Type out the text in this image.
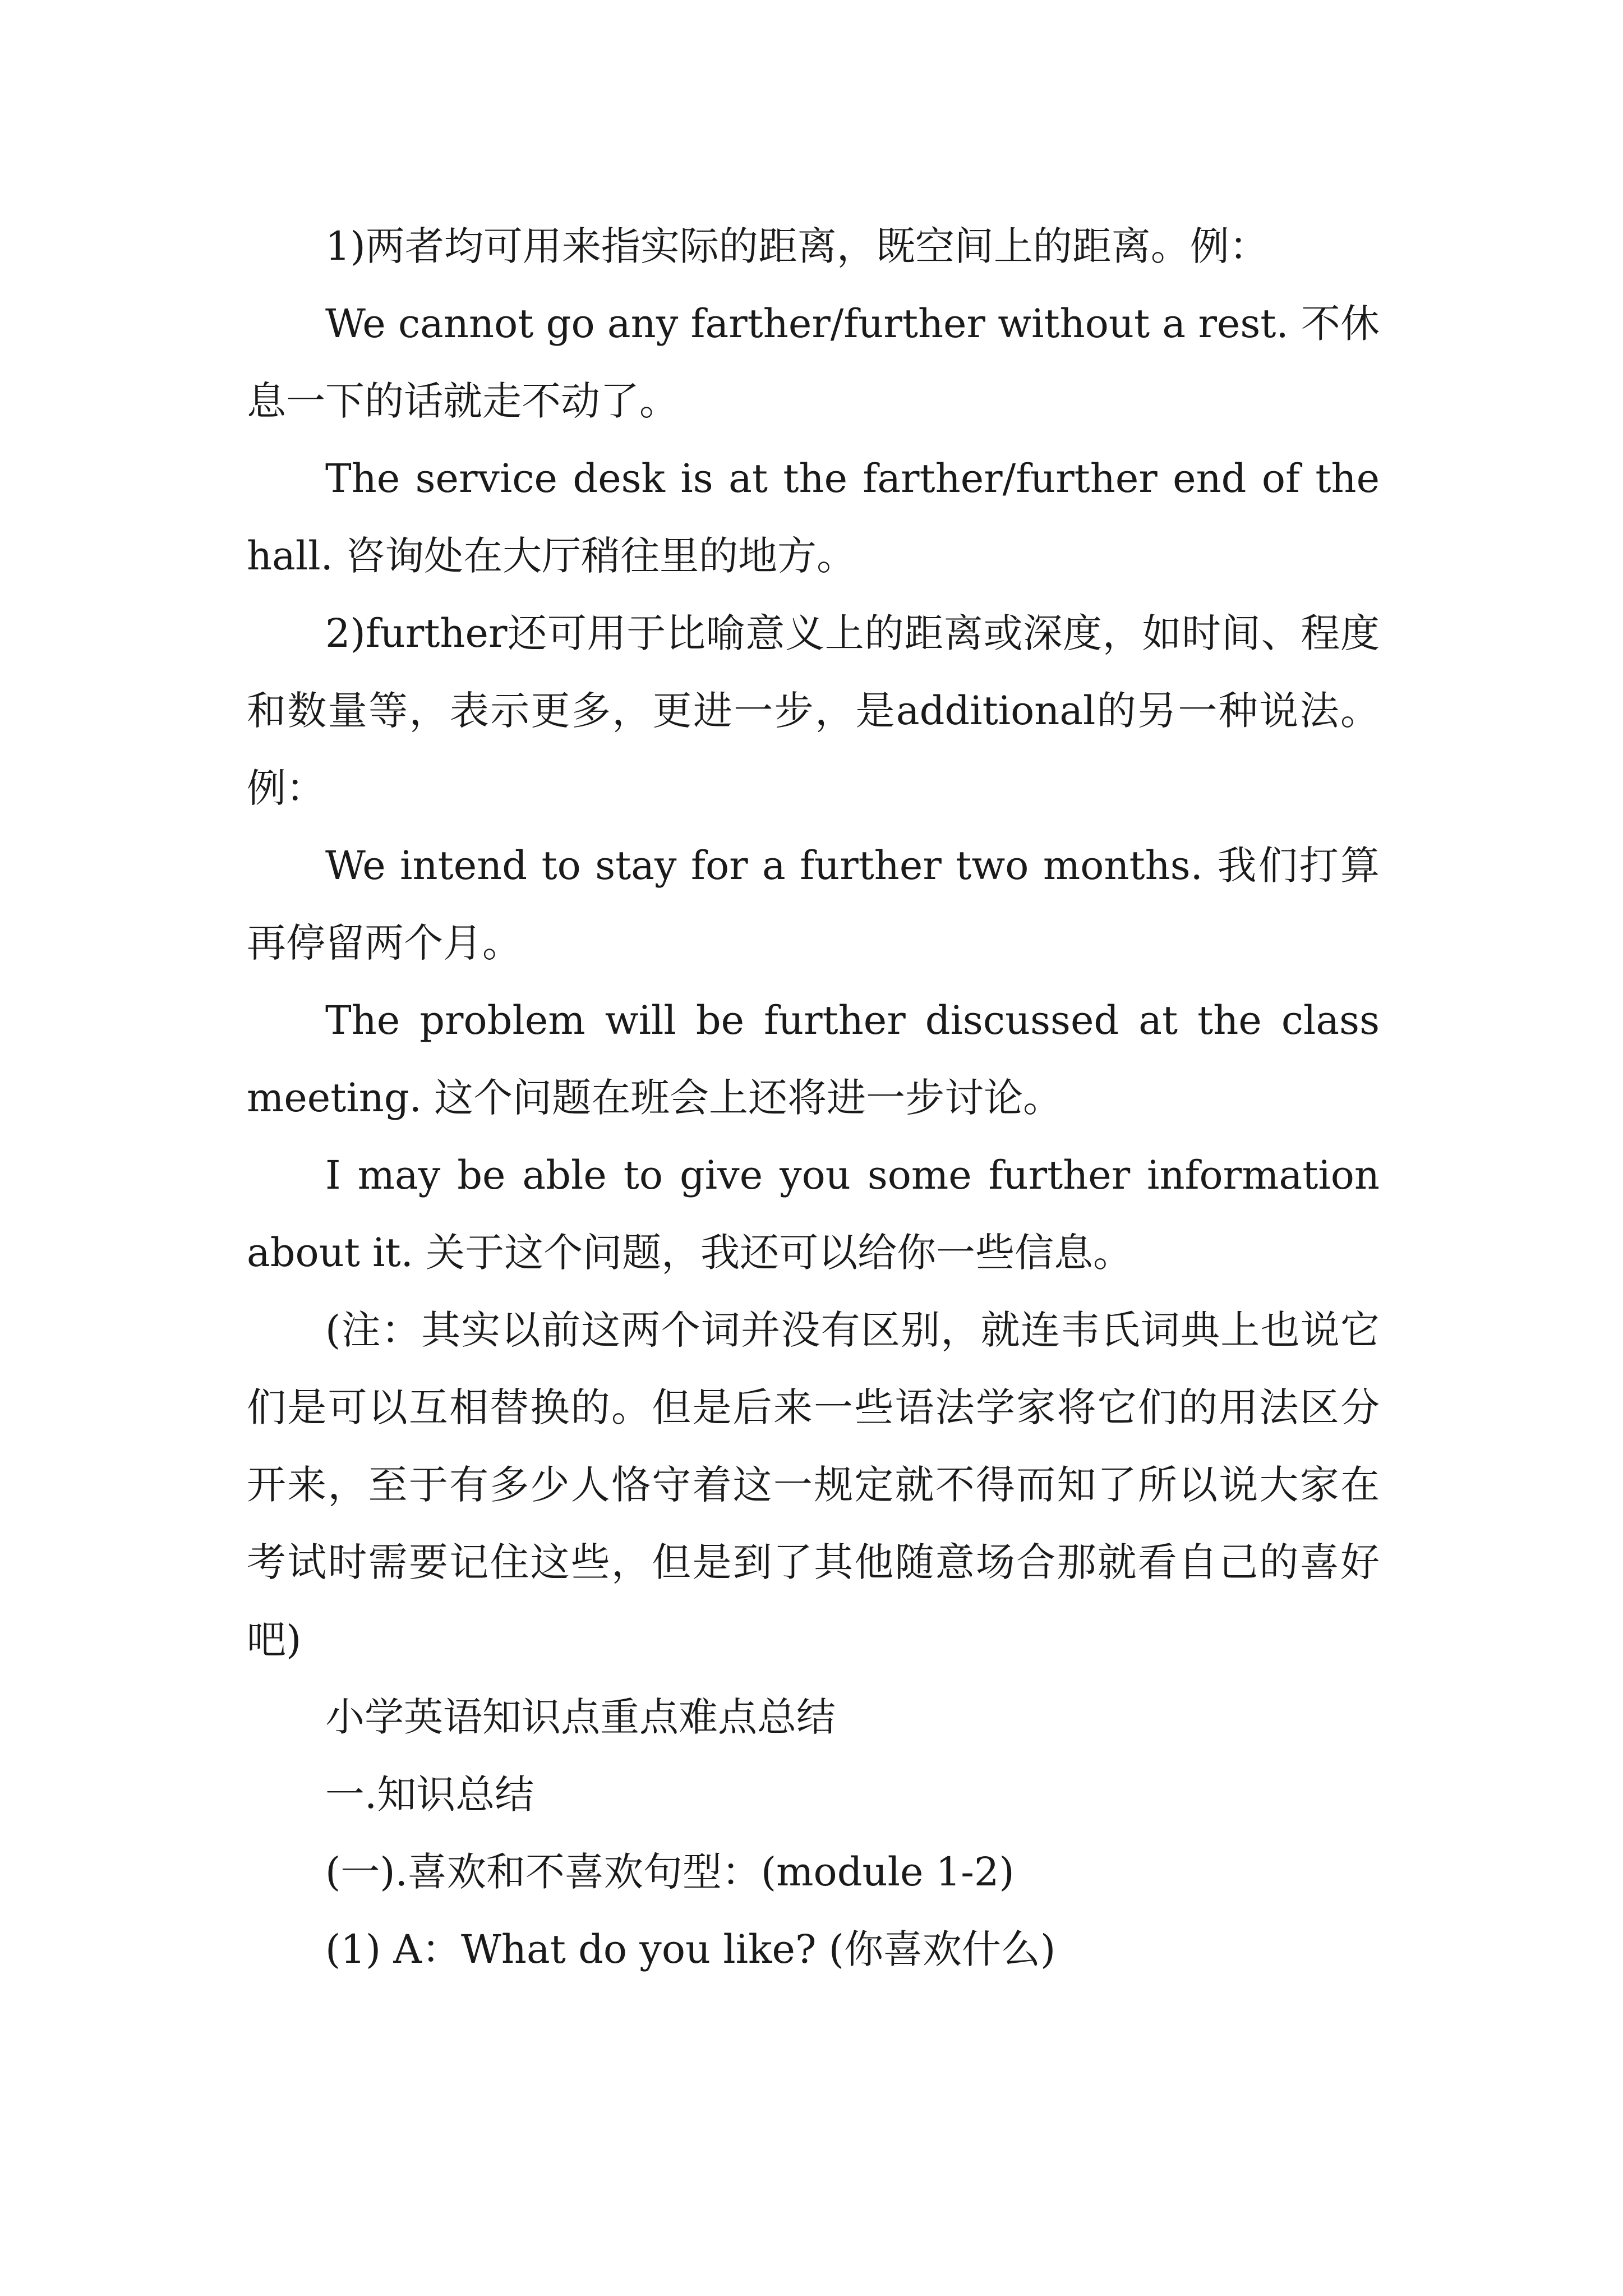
1)两者均可用来指实际的距离，既空间上的距离。例：

We cannot go any farther/further without a rest. 不休息一下的话就走不动了。

The service desk is at the farther/further end of the hall. 咨询处在大厅稍往里的地方。

2)further还可用于比喻意义上的距离或深度，如时间、程度和数量等，表示更多，更进一步，是additional的另一种说法。例：

We intend to stay for a further two months. 我们打算再停留两个月。

The problem will be further discussed at the class meeting. 这个问题在班会上还将进一步讨论。

I may be able to give you some further information about it. 关于这个问题，我还可以给你一些信息。

(注：其实以前这两个词并没有区别，就连韦氏词典上也说它们是可以互相替换的。但是后来一些语法学家将它们的用法区分开来，至于有多少人恪守着这一规定就不得而知了所以说大家在考试时需要记住这些，但是到了其他随意场合那就看自己的喜好吧)

小学英语知识点重点难点总结

一.知识总结

(一).喜欢和不喜欢句型：(module 1-2)

(1) A：What do you like? (你喜欢什么)
